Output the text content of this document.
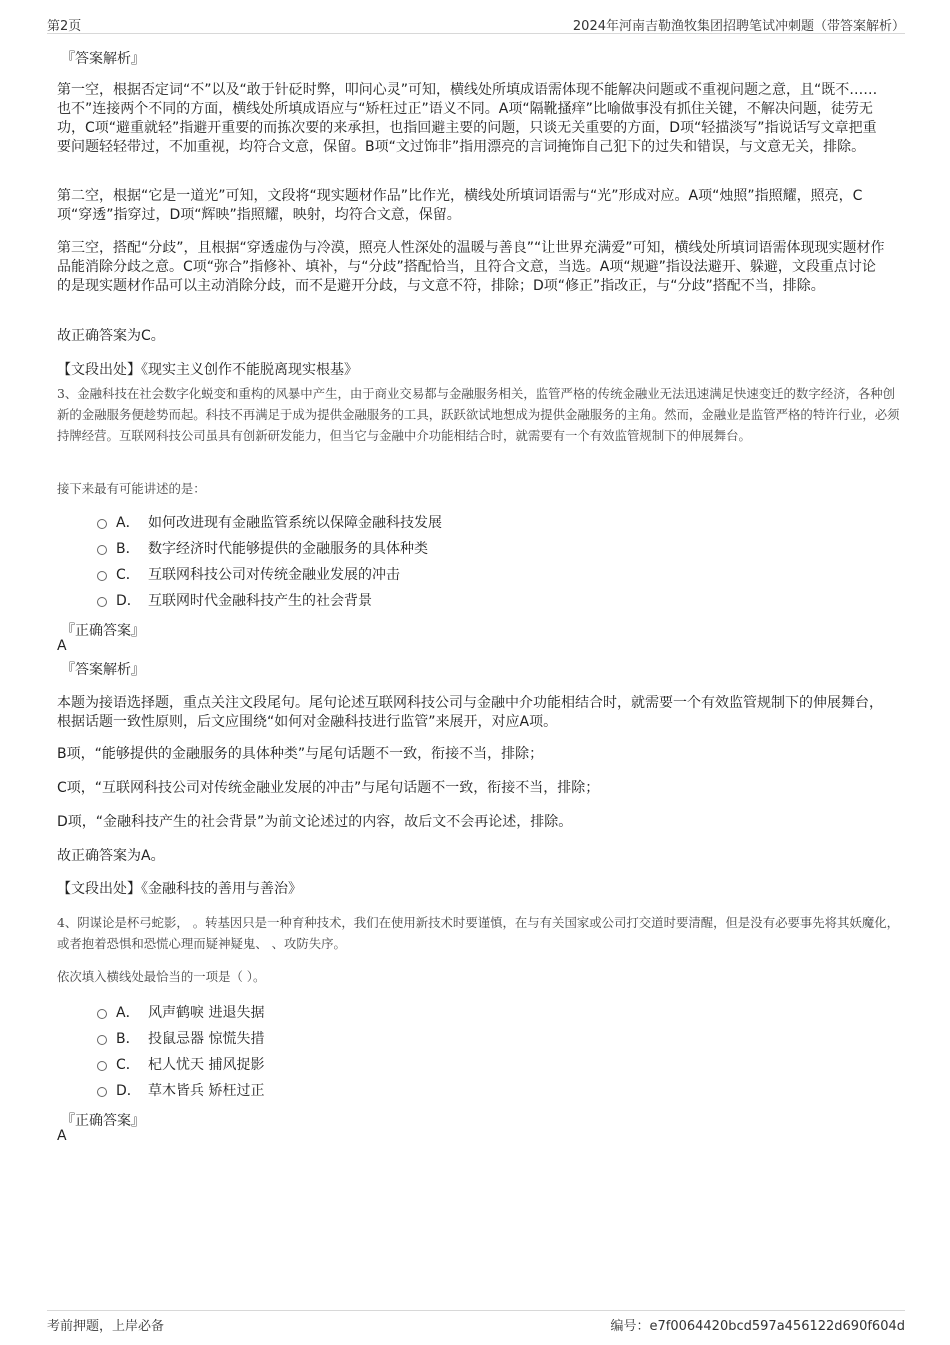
第2页	2024年河南吉勒渔牧集团招聘笔试冲刺题（带答案解析）
『答案解析』

第一空，根据否定词“不”以及“敢于针砭时弊，叩问心灵”可知，横线处所填成语需体现不能解决问题或不重视问题之意，且“既不……也不”连接两个不同的方面，横线处所填成语应与“矫枉过正”语义不同。A项“隔靴搔痒”比喻做事没有抓住关键，不解决问题，徒劳无功，C项“避重就轻”指避开重要的而拣次要的来承担，也指回避主要的问题，只谈无关重要的方面，D项“轻描淡写”指说话写文章把重要问题轻轻带过，不加重视，均符合文意，保留。B项“文过饰非”指用漂亮的言词掩饰自己犯下的过失和错误，与文意无关，排除。

第二空，根据“它是一道光”可知，文段将“现实题材作品”比作光，横线处所填词语需与“光”形成对应。A项“烛照”指照耀，照亮，C项“穿透”指穿过，D项“辉映”指照耀，映射，均符合文意，保留。

第三空，搭配“分歧”，且根据“穿透虚伪与冷漠，照亮人性深处的温暖与善良”“让世界充满爱”可知，横线处所填词语需体现现实题材作品能消除分歧之意。C项“弥合”指修补、填补，与“分歧”搭配恰当，且符合文意，当选。A项“规避”指设法避开、躲避，文段重点讨论的是现实题材作品可以主动消除分歧，而不是避开分歧，与文意不符，排除；D项“修正”指改正，与“分歧”搭配不当，排除。

故正确答案为C。

【文段出处】《现实主义创作不能脱离现实根基》

3、金融科技在社会数字化蜕变和重构的风暴中产生，由于商业交易都与金融服务相关，监管严格的传统金融业无法迅速满足快速变迁的数字经济，各种创新的金融服务便趁势而起。科技不再满足于成为提供金融服务的工具，跃跃欲试地想成为提供金融服务的主角。然而，金融业是监管严格的特许行业，必须持牌经营。互联网科技公司虽具有创新研发能力，但当它与金融中介功能相结合时，就需要有一个有效监管规制下的伸展舞台。

接下来最有可能讲述的是：

A． 如何改进现有金融监管系统以保障金融科技发展
B． 数字经济时代能够提供的金融服务的具体种类
C． 互联网科技公司对传统金融业发展的冲击
D． 互联网时代金融科技产生的社会背景
『正确答案』
A
『答案解析』

本题为接语选择题，重点关注文段尾句。尾句论述互联网科技公司与金融中介功能相结合时，就需要一个有效监管规制下的伸展舞台，根据话题一致性原则，后文应围绕“如何对金融科技进行监管”来展开，对应A项。

B项，“能够提供的金融服务的具体种类”与尾句话题不一致，衔接不当，排除；

C项，“互联网科技公司对传统金融业发展的冲击”与尾句话题不一致，衔接不当，排除；

D项，“金融科技产生的社会背景”为前文论述过的内容，故后文不会再论述，排除。

故正确答案为A。

【文段出处】《金融科技的善用与善治》

4、阴谋论是杯弓蛇影， 。转基因只是一种育种技术，我们在使用新技术时要谨慎，在与有关国家或公司打交道时要清醒，但是没有必要事先将其妖魔化，或者抱着恐惧和恐慌心理而疑神疑鬼、 、攻防失序。

依次填入横线处最恰当的一项是（ ）。

A． 风声鹤唳 进退失据
B． 投鼠忌器 惊慌失措
C． 杞人忧天 捕风捉影
D． 草木皆兵 矫枉过正
『正确答案』
A
考前押题，上岸必备	编号：e7f0064420bcd597a456122d690f604d
